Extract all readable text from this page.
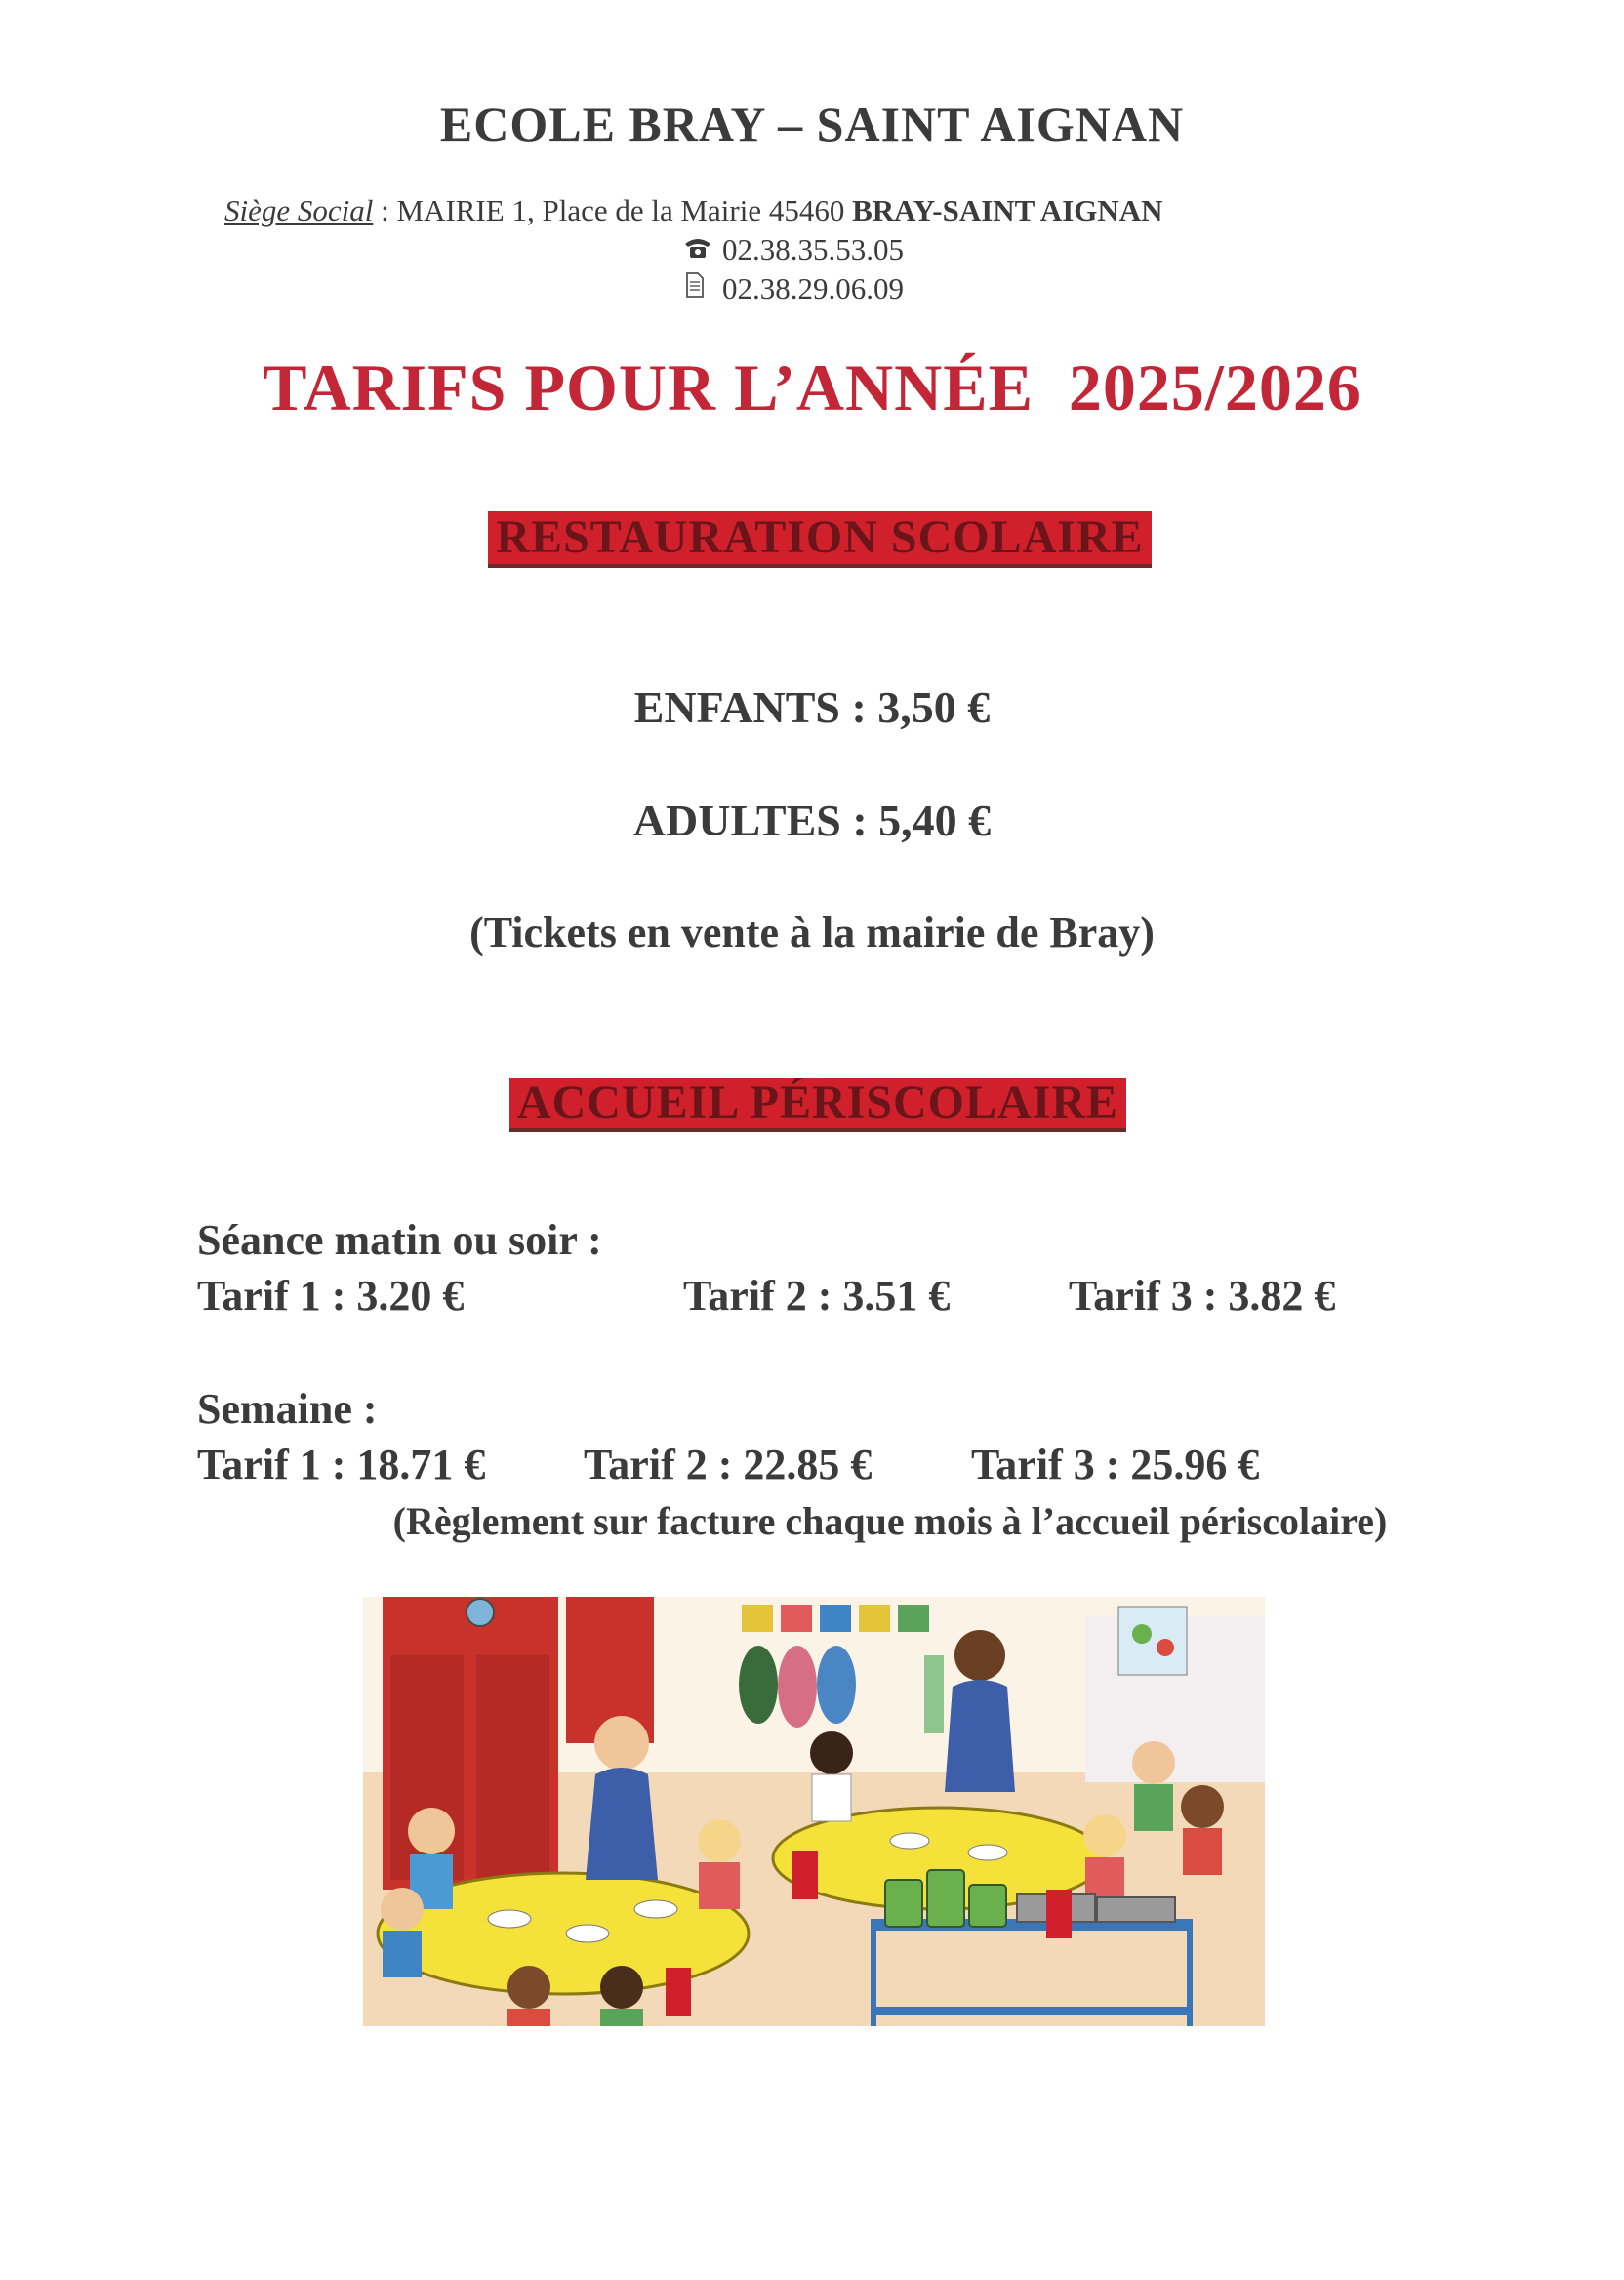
ECOLE BRAY – SAINT AIGNAN
Siège Social : MAIRIE 1, Place de la Mairie 45460 BRAY-SAINT AIGNAN
02.38.35.53.05
02.38.29.06.09
TARIFS POUR L’ANNÉE  2025/2026
RESTAURATION SCOLAIRE
ENFANTS : 3,50 €
ADULTES : 5,40 €
(Tickets en vente à la mairie de Bray)
ACCUEIL PÉRISCOLAIRE
Séance matin ou soir :
Tarif 1 : 3.20 €	Tarif 2 : 3.51 €	Tarif 3 : 3.82 €
Semaine :
Tarif 1 : 18.71 € Tarif 2 : 22.85 € Tarif 3 : 25.96 €
(Règlement sur facture chaque mois à l’accueil périscolaire)
